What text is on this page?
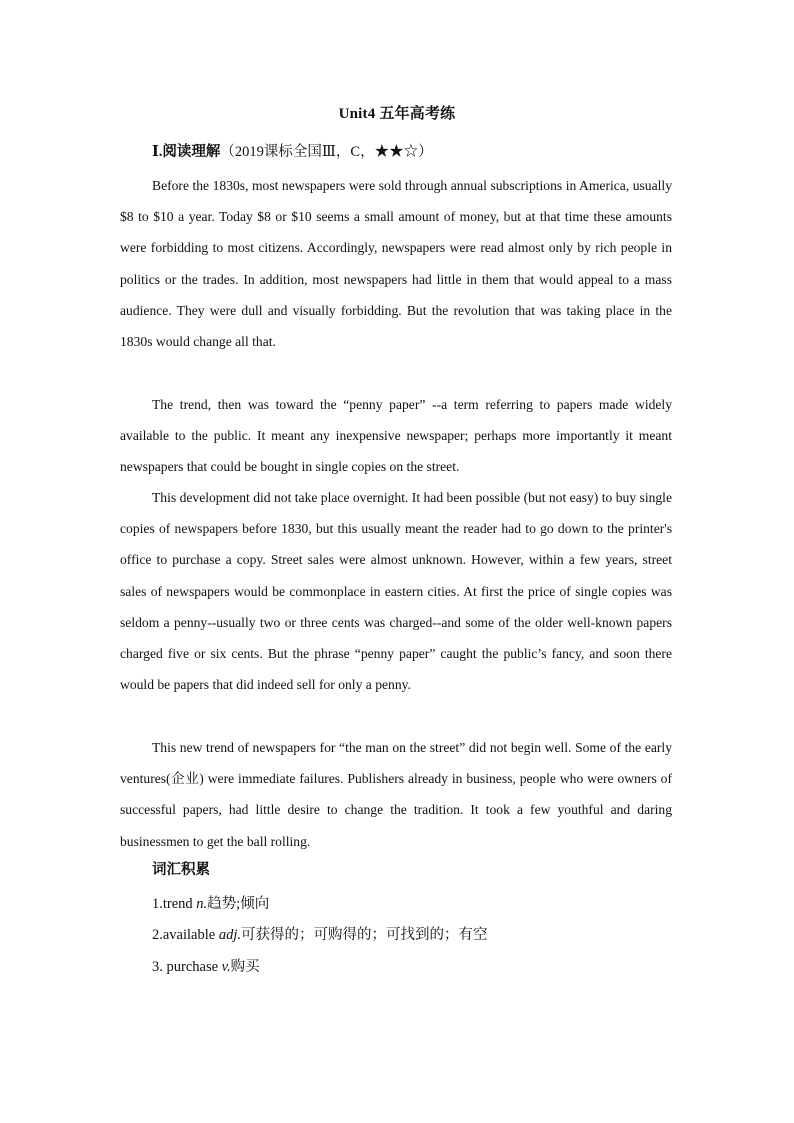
Unit4 五年高考练
Ⅰ.阅读理解（2019课标全国Ⅲ，C，★★☆）

Before the 1830s, most newspapers were sold through annual subscriptions in America, usually $8 to $10 a year. Today $8 or $10 seems a small amount of money, but at that time these amounts were forbidding to most citizens. Accordingly, newspapers were read almost only by rich people in politics or the trades. In addition, most newspapers had little in them that would appeal to a mass audience. They were dull and visually forbidding. But the revolution that was taking place in the 1830s would change all that.

The trend, then was toward the “penny paper” --a term referring to papers made widely available to the public. It meant any inexpensive newspaper; perhaps more importantly it meant newspapers that could be bought in single copies on the street.

This development did not take place overnight. It had been possible (but not easy) to buy single copies of newspapers before 1830, but this usually meant the reader had to go down to the printer's office to purchase a copy. Street sales were almost unknown. However, within a few years, street sales of newspapers would be commonplace in eastern cities. At first the price of single copies was seldom a penny--usually two or three cents was charged--and some of the older well-known papers charged five or six cents. But the phrase “penny paper” caught the public’s fancy, and soon there would be papers that did indeed sell for only a penny.

This new trend of newspapers for “the man on the street” did not begin well. Some of the early ventures(企业) were immediate failures. Publishers already in business, people who were owners of successful papers, had little desire to change the tradition. It took a few youthful and daring businessmen to get the ball rolling.

词汇积累
1.trend n.趋势;倾向
2.available adj.可获得的；可购得的；可找到的；有空
3. purchase v.购买
